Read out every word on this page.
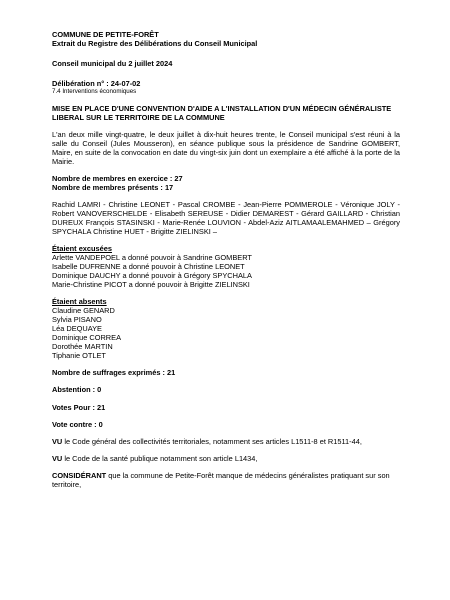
COMMUNE DE PETITE-FORÊT

Extrait du Registre des Délibérations du Conseil Municipal

Conseil municipal du 2 juillet 2024

Délibération n° : 24-07-02

7.4 Interventions économiques

MISE EN PLACE D'UNE CONVENTION D'AIDE A L'INSTALLATION D'UN MÉDECIN GÉNÉRALISTE LIBERAL SUR LE TERRITOIRE DE LA COMMUNE

L'an deux mille vingt-quatre, le deux juillet à dix-huit heures trente, le Conseil municipal s'est réuni à la salle du Conseil (Jules Mousseron), en séance publique sous la présidence de Sandrine GOMBERT, Maire, en suite de la convocation en date du vingt-six juin dont un exemplaire a été affiché à la porte de la Mairie.

Nombre de membres en exercice : 27

Nombre de membres présents : 17

Rachid LAMRI - Christine LEONET - Pascal CROMBE - Jean-Pierre POMMEROLE - Véronique JOLY - Robert VANOVERSCHELDE - Elisabeth SEREUSE - Didier DEMAREST - Gérard GAILLARD - Christian DUREUX François STASINSKI - Marie-Renée LOUVION - Abdel-Aziz AITLAMAALEMAHMED – Grégory SPYCHALA Christine HUET - Brigitte ZIELINSKI –

Étaient excusées

Arlette VANDEPOEL a donné pouvoir à Sandrine GOMBERT

Isabelle DUFRENNE a donné pouvoir à Christine LEONET

Dominique DAUCHY a donné pouvoir à Grégory SPYCHALA

Marie-Christine PICOT a donné pouvoir à Brigitte ZIELINSKI

Étaient absents

Claudine GENARD

Sylvia PISANO

Léa DEQUAYE

Dominique CORREA

Dorothée MARTIN

Tiphanie OTLET

Nombre de suffrages exprimés : 21

Abstention : 0

Votes Pour : 21

Vote contre : 0

VU le Code général des collectivités territoriales, notamment ses articles L1511-8 et R1511-44,

VU le Code de la santé publique notamment son article L1434,

CONSIDÉRANT que la commune de Petite-Forêt manque de médecins généralistes pratiquant sur son territoire,
